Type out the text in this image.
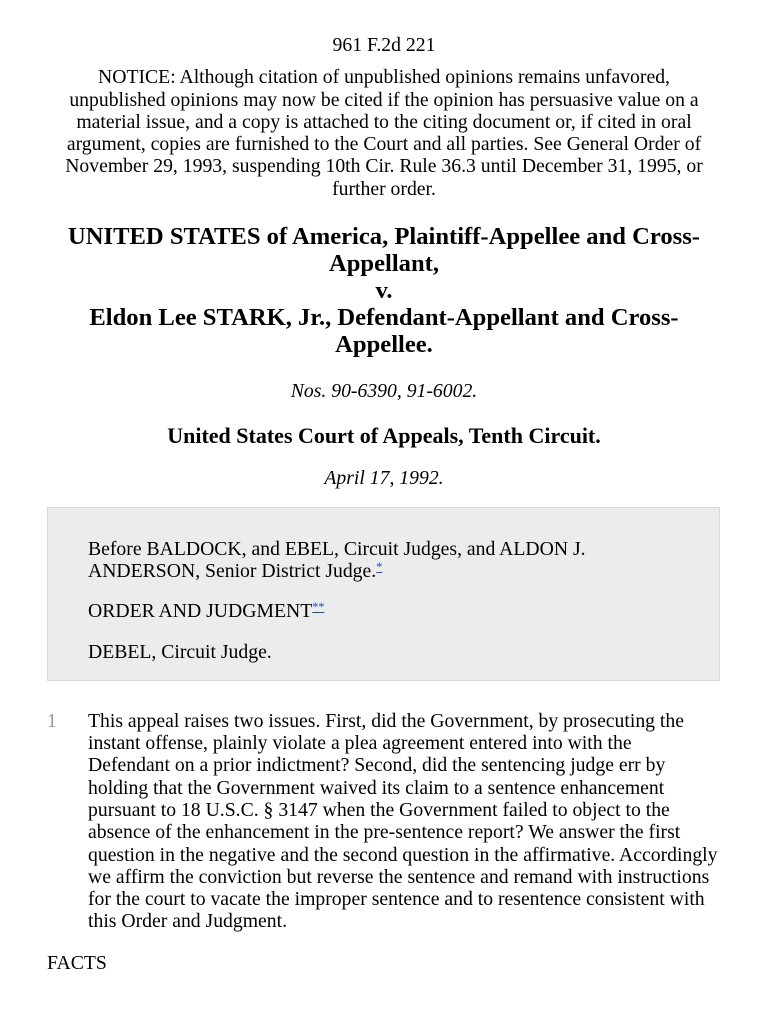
961 F.2d 221
NOTICE: Although citation of unpublished opinions remains unfavored,
unpublished opinions may now be cited if the opinion has persuasive value on a
material issue, and a copy is attached to the citing document or, if cited in oral
argument, copies are furnished to the Court and all parties. See General Order of
November 29, 1993, suspending 10th Cir. Rule 36.3 until December 31, 1995, or
further order.
UNITED STATES of America, Plaintiff-Appellee and Cross-
Appellant,
v.
Eldon Lee STARK, Jr., Defendant-Appellant and Cross-
Appellee.
Nos. 90-6390, 91-6002.
United States Court of Appeals, Tenth Circuit.
April 17, 1992.
Before BALDOCK, and EBEL, Circuit Judges, and ALDON J.
ANDERSON, Senior District Judge.*
ORDER AND JUDGMENT**
DEBEL, Circuit Judge.
1 This appeal raises two issues. First, did the Government, by prosecuting the
instant offense, plainly violate a plea agreement entered into with the
Defendant on a prior indictment? Second, did the sentencing judge err by
holding that the Government waived its claim to a sentence enhancement
pursuant to 18 U.S.C. § 3147 when the Government failed to object to the
absence of the enhancement in the pre-sentence report? We answer the first
question in the negative and the second question in the affirmative. Accordingly
we affirm the conviction but reverse the sentence and remand with instructions
for the court to vacate the improper sentence and to resentence consistent with
this Order and Judgment.
FACTS
